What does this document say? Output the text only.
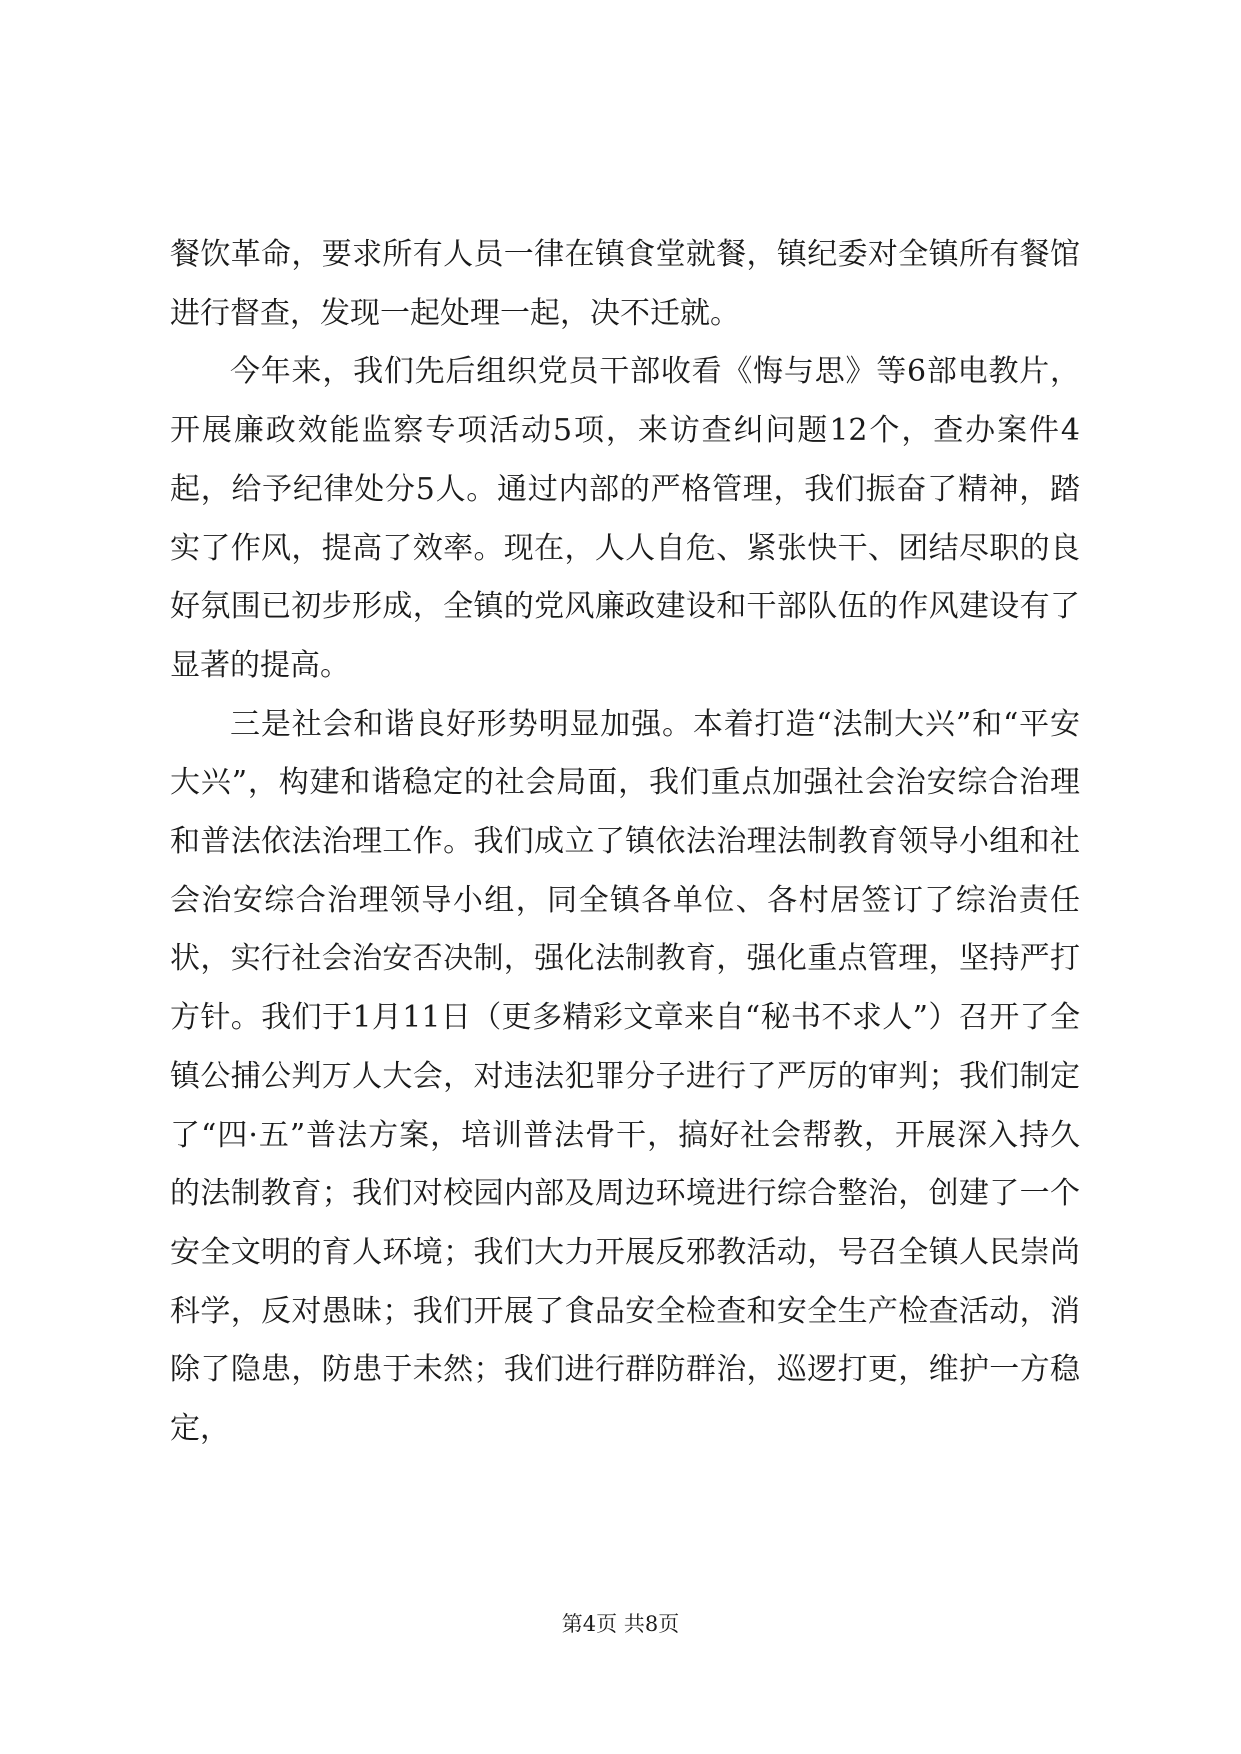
餐饮革命，要求所有人员一律在镇食堂就餐，镇纪委对全镇所有餐馆进行督查，发现一起处理一起，决不迁就。

今年来，我们先后组织党员干部收看《悔与思》等6部电教片，开展廉政效能监察专项活动5项，来访查纠问题12个，查办案件4起，给予纪律处分5人。通过内部的严格管理，我们振奋了精神，踏实了作风，提高了效率。现在，人人自危、紧张快干、团结尽职的良好氛围已初步形成，全镇的党风廉政建设和干部队伍的作风建设有了显著的提高。

三是社会和谐良好形势明显加强。本着打造“法制大兴”和“平安大兴”，构建和谐稳定的社会局面，我们重点加强社会治安综合治理和普法依法治理工作。我们成立了镇依法治理法制教育领导小组和社会治安综合治理领导小组，同全镇各单位、各村居签订了综治责任状，实行社会治安否决制，强化法制教育，强化重点管理，坚持严打方针。我们于1月11日（更多精彩文章来自“秘书不求人”）召开了全镇公捕公判万人大会，对违法犯罪分子进行了严厉的审判；我们制定了“四·五”普法方案，培训普法骨干，搞好社会帮教，开展深入持久的法制教育；我们对校园内部及周边环境进行综合整治，创建了一个安全文明的育人环境；我们大力开展反邪教活动，号召全镇人民崇尚科学，反对愚昧；我们开展了食品安全检查和安全生产检查活动，消除了隐患，防患于未然；我们进行群防群治，巡逻打更，维护一方稳定，

第4页 共8页
